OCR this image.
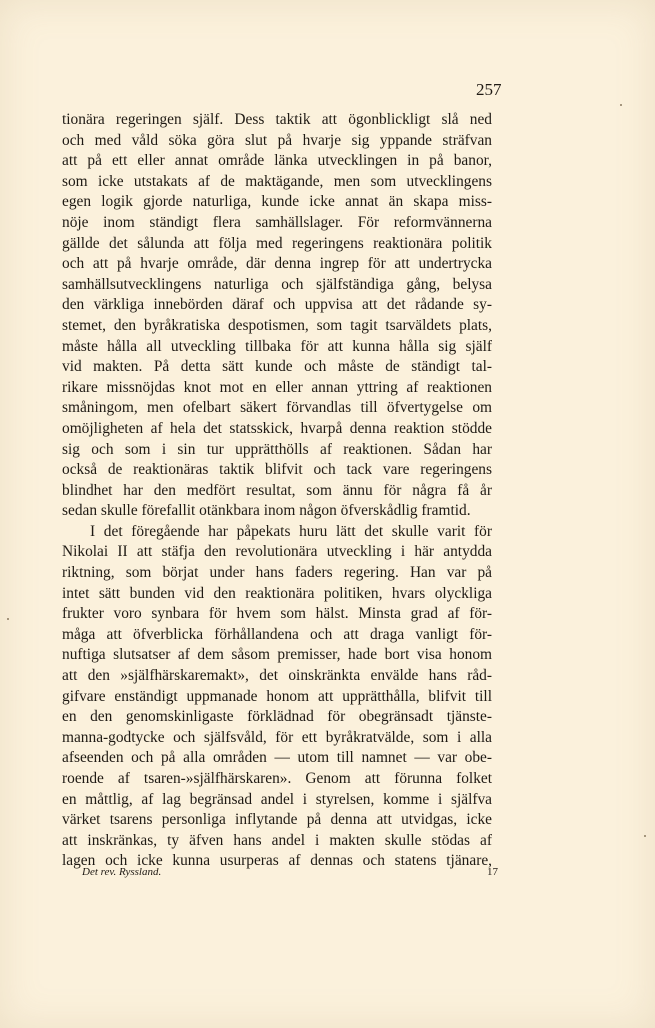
257
tionära regeringen själf. Dess taktik att ögonblickligt slå ned
och med våld söka göra slut på hvarje sig yppande sträfvan
att på ett eller annat område länka utvecklingen in på banor,
som icke utstakats af de maktägande, men som utvecklingens
egen logik gjorde naturliga, kunde icke annat än skapa miss-
nöje inom ständigt flera samhällslager. För reformvännerna
gällde det sålunda att följa med regeringens reaktionära politik
och att på hvarje område, där denna ingrep för att undertrycka
samhällsutvecklingens naturliga och själfständiga gång, belysa
den värkliga innebörden däraf och uppvisa att det rådande sy-
stemet, den byråkratiska despotismen, som tagit tsarväldets plats,
måste hålla all utveckling tillbaka för att kunna hålla sig själf
vid makten. På detta sätt kunde och måste de ständigt tal-
rikare missnöjdas knot mot en eller annan yttring af reaktionen
småningom, men ofelbart säkert förvandlas till öfvertygelse om
omöjligheten af hela det statsskick, hvarpå denna reaktion stödde
sig och som i sin tur upprätthölls af reaktionen. Sådan har
också de reaktionäras taktik blifvit och tack vare regeringens
blindhet har den medfört resultat, som ännu för några få år
sedan skulle förefallit otänkbara inom någon öfverskådlig framtid.
I det föregående har påpekats huru lätt det skulle varit för
Nikolai II att stäfja den revolutionära utveckling i här antydda
riktning, som börjat under hans faders regering. Han var på
intet sätt bunden vid den reaktionära politiken, hvars olyckliga
frukter voro synbara för hvem som hälst. Minsta grad af för-
måga att öfverblicka förhållandena och att draga vanligt för-
nuftiga slutsatser af dem såsom premisser, hade bort visa honom
att den »själfhärskaremakt», det oinskränkta envälde hans råd-
gifvare enständigt uppmanade honom att upprätthålla, blifvit till
en den genomskinligaste förklädnad för obegränsadt tjänste-
manna-godtycke och själfsvåld, för ett byråkratvälde, som i alla
afseenden och på alla områden — utom till namnet — var obe-
roende af tsaren-»själfhärskaren». Genom att förunna folket
en måttlig, af lag begränsad andel i styrelsen, komme i själfva
värket tsarens personliga inflytande på denna att utvidgas, icke
att inskränkas, ty äfven hans andel i makten skulle stödas af
lagen och icke kunna usurperas af dennas och statens tjänare,
Det rev. Ryssland.	17
